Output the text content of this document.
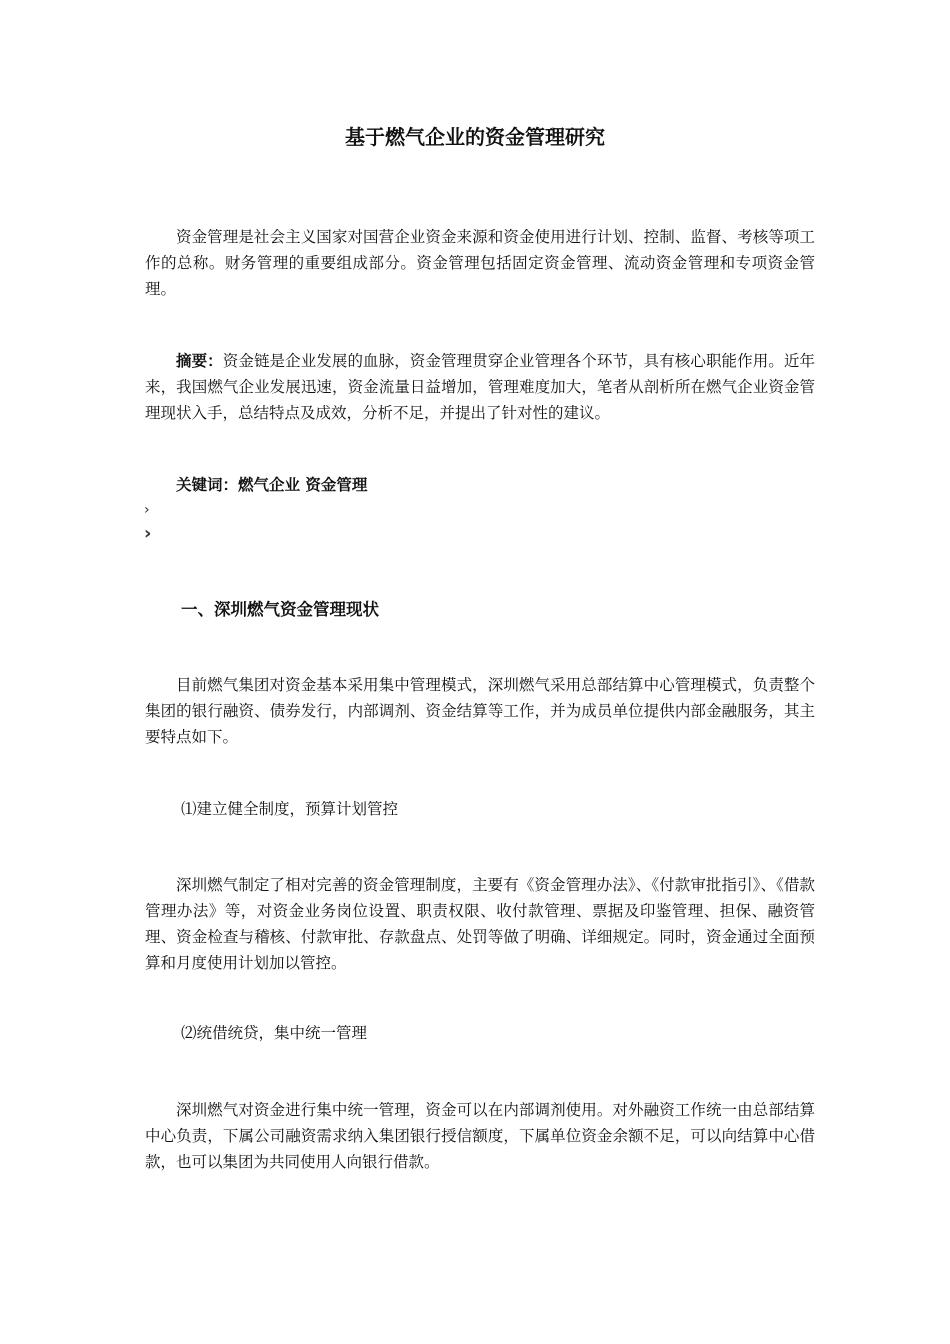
基于燃气企业的资金管理研究
资金管理是社会主义国家对国营企业资金来源和资金使用进行计划、控制、监督、考核等项工作的总称。财务管理的重要组成部分。资金管理包括固定资金管理、流动资金管理和专项资金管理。
摘要：资金链是企业发展的血脉，资金管理贯穿企业管理各个环节，具有核心职能作用。近年来，我国燃气企业发展迅速，资金流量日益增加，管理难度加大，笔者从剖析所在燃气企业资金管理现状入手，总结特点及成效，分析不足，并提出了针对性的建议。
关键词：燃气企业 资金管理
›
›
一、深圳燃气资金管理现状
目前燃气集团对资金基本采用集中管理模式，深圳燃气采用总部结算中心管理模式，负责整个集团的银行融资、债券发行，内部调剂、资金结算等工作，并为成员单位提供内部金融服务，其主要特点如下。
⑴建立健全制度，预算计划管控
深圳燃气制定了相对完善的资金管理制度，主要有《资金管理办法》、《付款审批指引》、《借款管理办法》等，对资金业务岗位设置、职责权限、收付款管理、票据及印鉴管理、担保、融资管理、资金检查与稽核、付款审批、存款盘点、处罚等做了明确、详细规定。同时，资金通过全面预算和月度使用计划加以管控。
⑵统借统贷，集中统一管理
深圳燃气对资金进行集中统一管理，资金可以在内部调剂使用。对外融资工作统一由总部结算中心负责，下属公司融资需求纳入集团银行授信额度，下属单位资金余额不足，可以向结算中心借款，也可以集团为共同使用人向银行借款。
